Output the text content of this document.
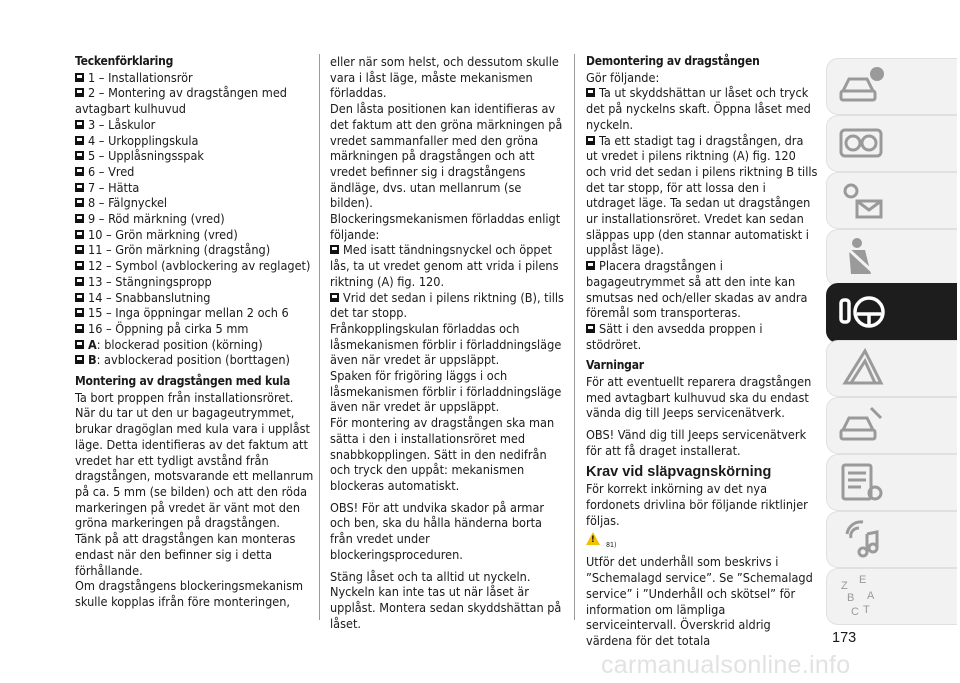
Teckenförklaring
1 – Installationsrör
2 – Montering av dragstången med avtagbart kulhuvud
3 – Låskulor
4 – Urkopplingskula
5 – Upplåsningsspak
6 – Vred
7 – Hätta
8 – Fälgnyckel
9 – Röd märkning (vred)
10 – Grön märkning (vred)
11 – Grön märkning (dragstång)
12 – Symbol (avblockering av reglaget)
13 – Stängningspropp
14 – Snabbanslutning
15 – Inga öppningar mellan 2 och 6
16 – Öppning på cirka 5 mm
A: blockerad position (körning)
B: avblockerad position (borttagen)
Montering av dragstången med kula
Ta bort proppen från installationsröret.
När du tar ut den ur bagageutrymmet, brukar dragöglan med kula vara i upplåst läge. Detta identifieras av det faktum att vredet har ett tydligt avstånd från dragstången, motsvarande ett mellanrum på ca. 5 mm (se bilden) och att den röda markeringen på vredet är vänt mot den gröna markeringen på dragstången.
Tänk på att dragstången kan monteras endast när den befinner sig i detta förhållande.
Om dragstångens blockeringsmekanism skulle kopplas ifrån före monteringen,
eller när som helst, och dessutom skulle vara i låst läge, måste mekanismen förladdas.
Den låsta positionen kan identifieras av det faktum att den gröna märkningen på vredet sammanfaller med den gröna märkningen på dragstången och att vredet befinner sig i dragstångens ändläge, dvs. utan mellanrum (se bilden).
Blockeringsmekanismen förladdas enligt följande:
Med isatt tändningsnyckel och öppet lås, ta ut vredet genom att vrida i pilens riktning (A) fig. 120.
Vrid det sedan i pilens riktning (B), tills det tar stopp.
Frånkopplingskulan förladdas och låsmekanismen förblir i förladdningsläge även när vredet är uppsläppt.
Spaken för frigöring läggs i och låsmekanismen förblir i förladdningsläge även när vredet är uppsläppt.
För montering av dragstången ska man sätta i den i installationsröret med snabbkopplingen. Sätt in den nedifrån och tryck den uppåt: mekanismen blockeras automatiskt.
OBS! För att undvika skador på armar och ben, ska du hålla händerna borta från vredet under blockeringsproceduren.
Stäng låset och ta alltid ut nyckeln. Nyckeln kan inte tas ut när låset är upplåst. Montera sedan skyddshättan på låset.
Demontering av dragstången
Gör följande:
Ta ut skyddshättan ur låset och tryck det på nyckelns skaft. Öppna låset med nyckeln.
Ta ett stadigt tag i dragstången, dra ut vredet i pilens riktning (A) fig. 120 och vrid det sedan i pilens riktning B tills det tar stopp, för att lossa den i utdraget läge. Ta sedan ut dragstången ur installationsröret. Vredet kan sedan släppas upp (den stannar automatiskt i upplåst läge).
Placera dragstången i bagageutrymmet så att den inte kan smutsas ned och/eller skadas av andra föremål som transporteras.
Sätt i den avsedda proppen i stödröret.
Varningar
För att eventuellt reparera dragstången med avtagbart kulhuvud ska du endast vända dig till Jeeps servicenätverk.
OBS! Vänd dig till Jeeps servicenätverk för att få draget installerat.
Krav vid släpvagnskörning
För korrekt inkörning av det nya fordonets drivlina bör följande riktlinjer följas.
!
81)
Utför det underhåll som beskrivs i ”Schemalagd service”. Se ”Schemalagd service” i ”Underhåll och skötsel” för information om lämpliga serviceintervall. Överskrid aldrig värdena för det totala
Z E
B A
C T
173
carmanualsonline.info
